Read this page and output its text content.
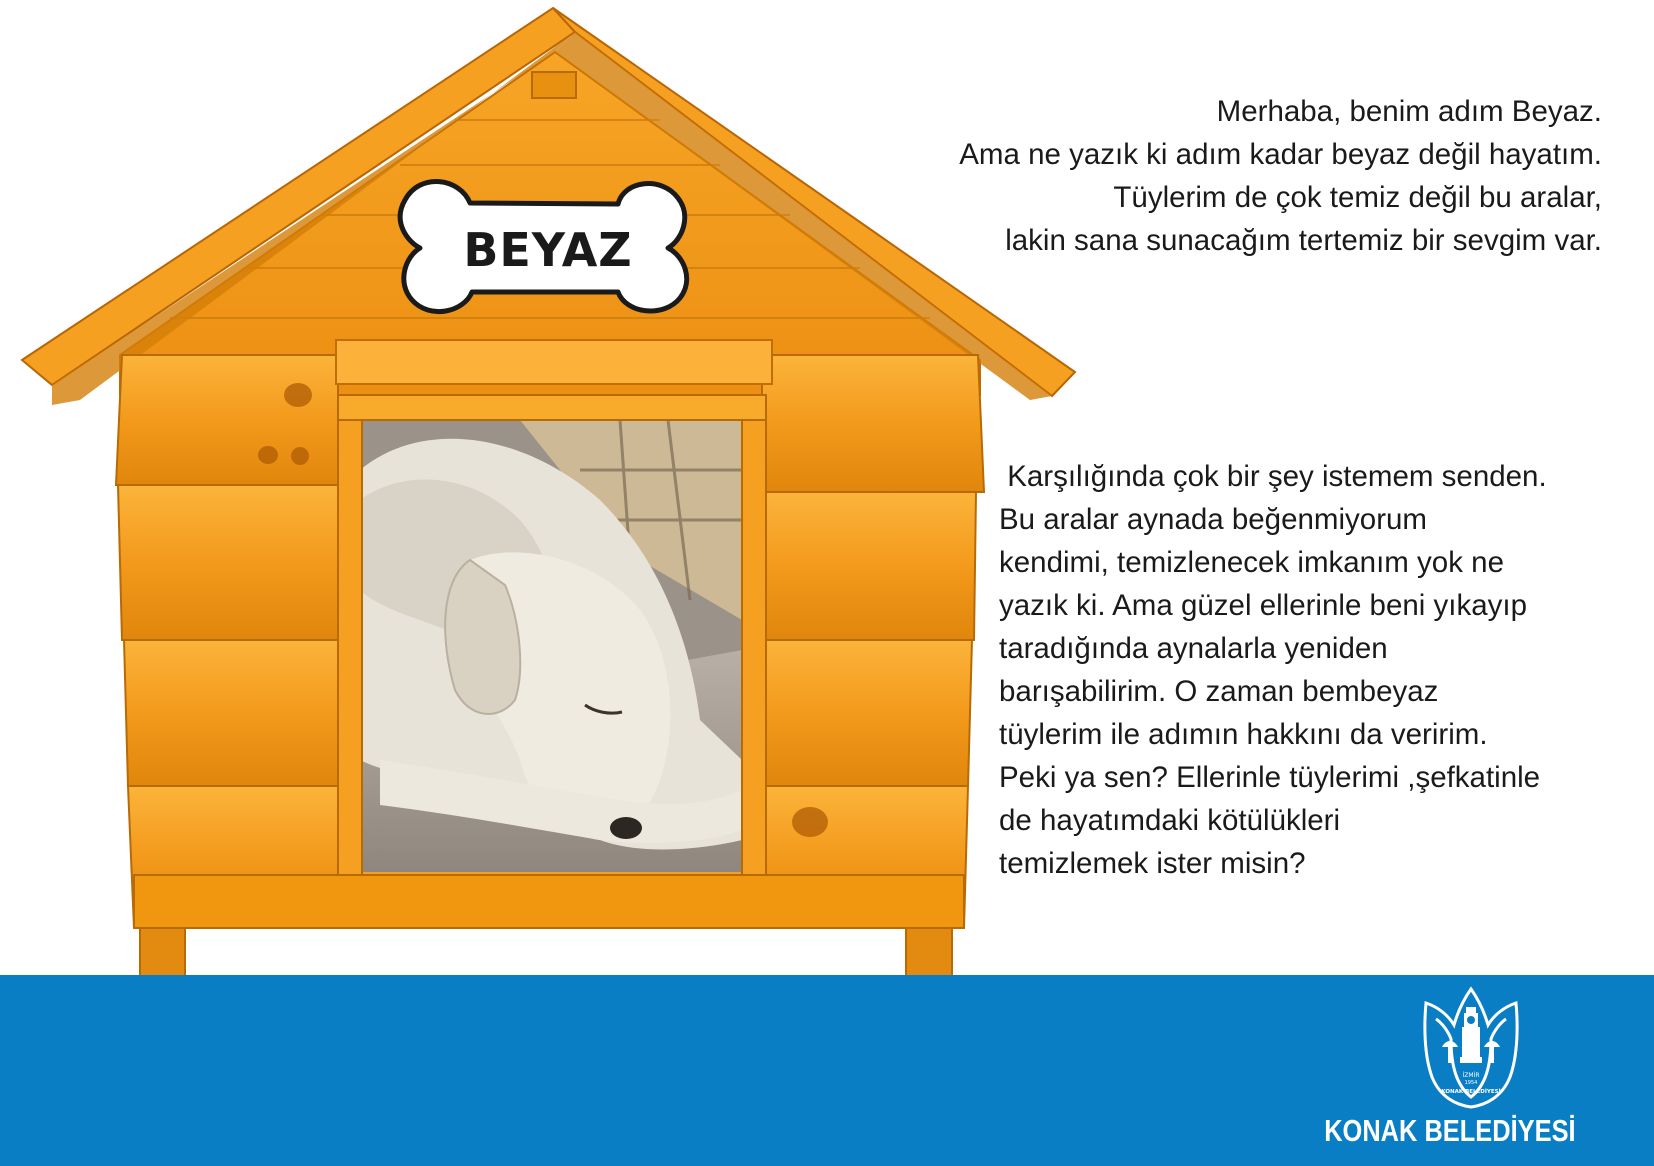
BEYAZ
Merhaba, benim adım Beyaz.
Ama ne yazık ki adım kadar beyaz değil hayatım.
Tüylerim de çok temiz değil bu aralar,
lakin sana sunacağım tertemiz bir sevgim var.

Karşılığında çok bir şey istemem senden.

Bu aralar aynada beğenmiyorum

kendimi, temizlenecek imkanım yok ne

yazık ki. Ama güzel ellerinle beni yıkayıp

taradığında aynalarla yeniden

barışabilirim. O zaman bembeyaz

tüylerim ile adımın hakkını da veririm.

Peki ya sen? Ellerinle tüylerimi ,şefkatinle

de hayatımdaki kötülükleri

temizlemek ister misin?

İZMİR
1954
KONAK BELEDİYESİ
KONAK BELEDİYESİ
